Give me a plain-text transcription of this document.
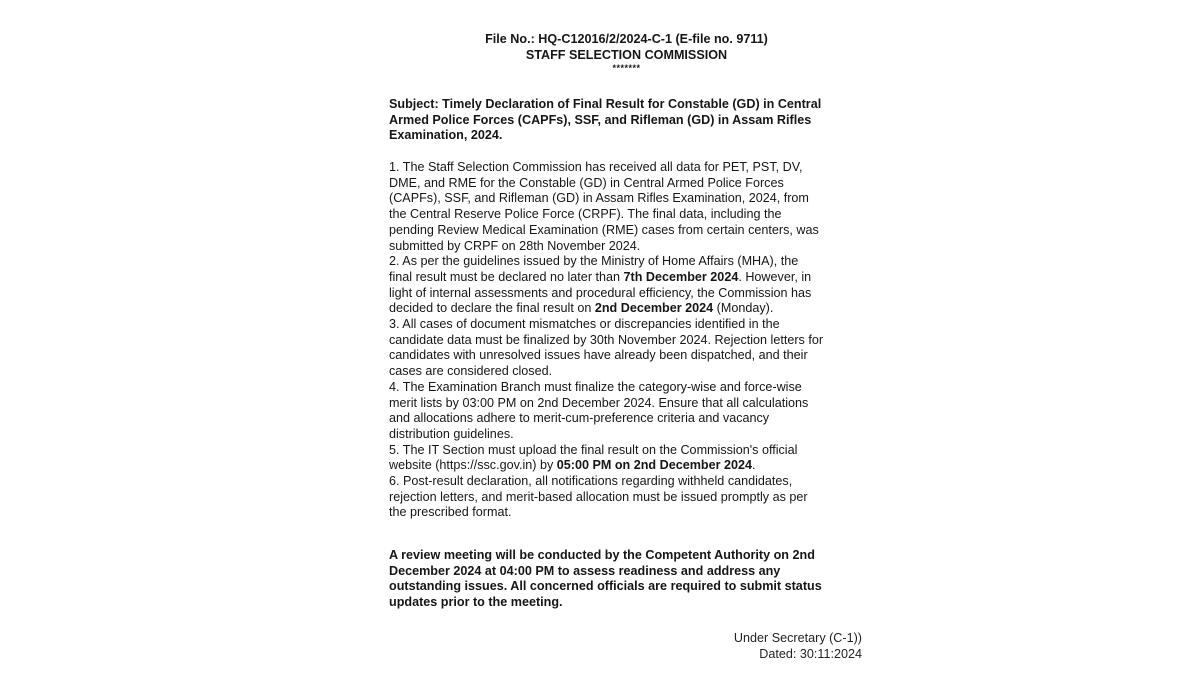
File No.: HQ-C12016/2/2024-C-1 (E-file no. 9711)
STAFF SELECTION COMMISSION
*******
Subject: Timely Declaration of Final Result for Constable (GD) in Central
Armed Police Forces (CAPFs), SSF, and Rifleman (GD) in Assam Rifles
Examination, 2024.
1. The Staff Selection Commission has received all data for PET, PST, DV,
DME, and RME for the Constable (GD) in Central Armed Police Forces
(CAPFs), SSF, and Rifleman (GD) in Assam Rifles Examination, 2024, from
the Central Reserve Police Force (CRPF). The final data, including the
pending Review Medical Examination (RME) cases from certain centers, was
submitted by CRPF on 28th November 2024.
2. As per the guidelines issued by the Ministry of Home Affairs (MHA), the
final result must be declared no later than 7th December 2024. However, in
light of internal assessments and procedural efficiency, the Commission has
decided to declare the final result on 2nd December 2024 (Monday).
3. All cases of document mismatches or discrepancies identified in the
candidate data must be finalized by 30th November 2024. Rejection letters for
candidates with unresolved issues have already been dispatched, and their
cases are considered closed.
4. The Examination Branch must finalize the category-wise and force-wise
merit lists by 03:00 PM on 2nd December 2024. Ensure that all calculations
and allocations adhere to merit-cum-preference criteria and vacancy
distribution guidelines.
5. The IT Section must upload the final result on the Commission's official
website (https://ssc.gov.in) by 05:00 PM on 2nd December 2024.
6. Post-result declaration, all notifications regarding withheld candidates,
rejection letters, and merit-based allocation must be issued promptly as per
the prescribed format.
A review meeting will be conducted by the Competent Authority on 2nd
December 2024 at 04:00 PM to assess readiness and address any
outstanding issues. All concerned officials are required to submit status
updates prior to the meeting.
Under Secretary (C-1))
Dated: 30:11:2024
